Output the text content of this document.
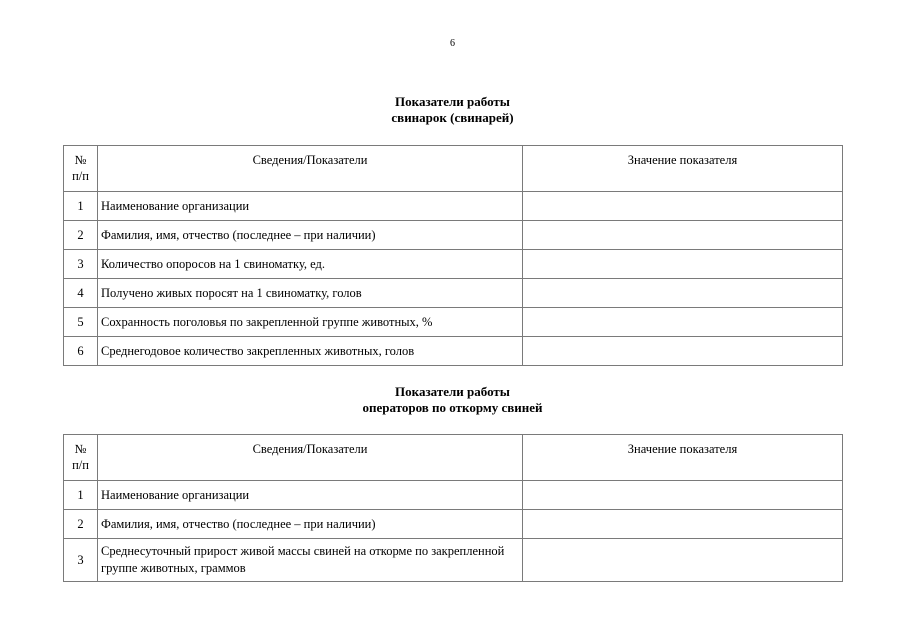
6
Показатели работы
свинарок (свинарей)
№
п/п	Сведения/Показатели	Значение показателя
1	Наименование организации	
2	Фамилия, имя, отчество (последнее – при наличии)	
3	Количество опоросов на 1 свиноматку, ед.	
4	Получено живых поросят на 1 свиноматку, голов	
5	Сохранность поголовья по закрепленной группе животных, %	
6	Среднегодовое количество закрепленных животных, голов	
Показатели работы
операторов по откорму свиней
№
п/п	Сведения/Показатели	Значение показателя
1	Наименование организации	
2	Фамилия, имя, отчество (последнее – при наличии)	
3	Среднесуточный прирост живой массы свиней на откорме по закрепленной группе животных, граммов	
